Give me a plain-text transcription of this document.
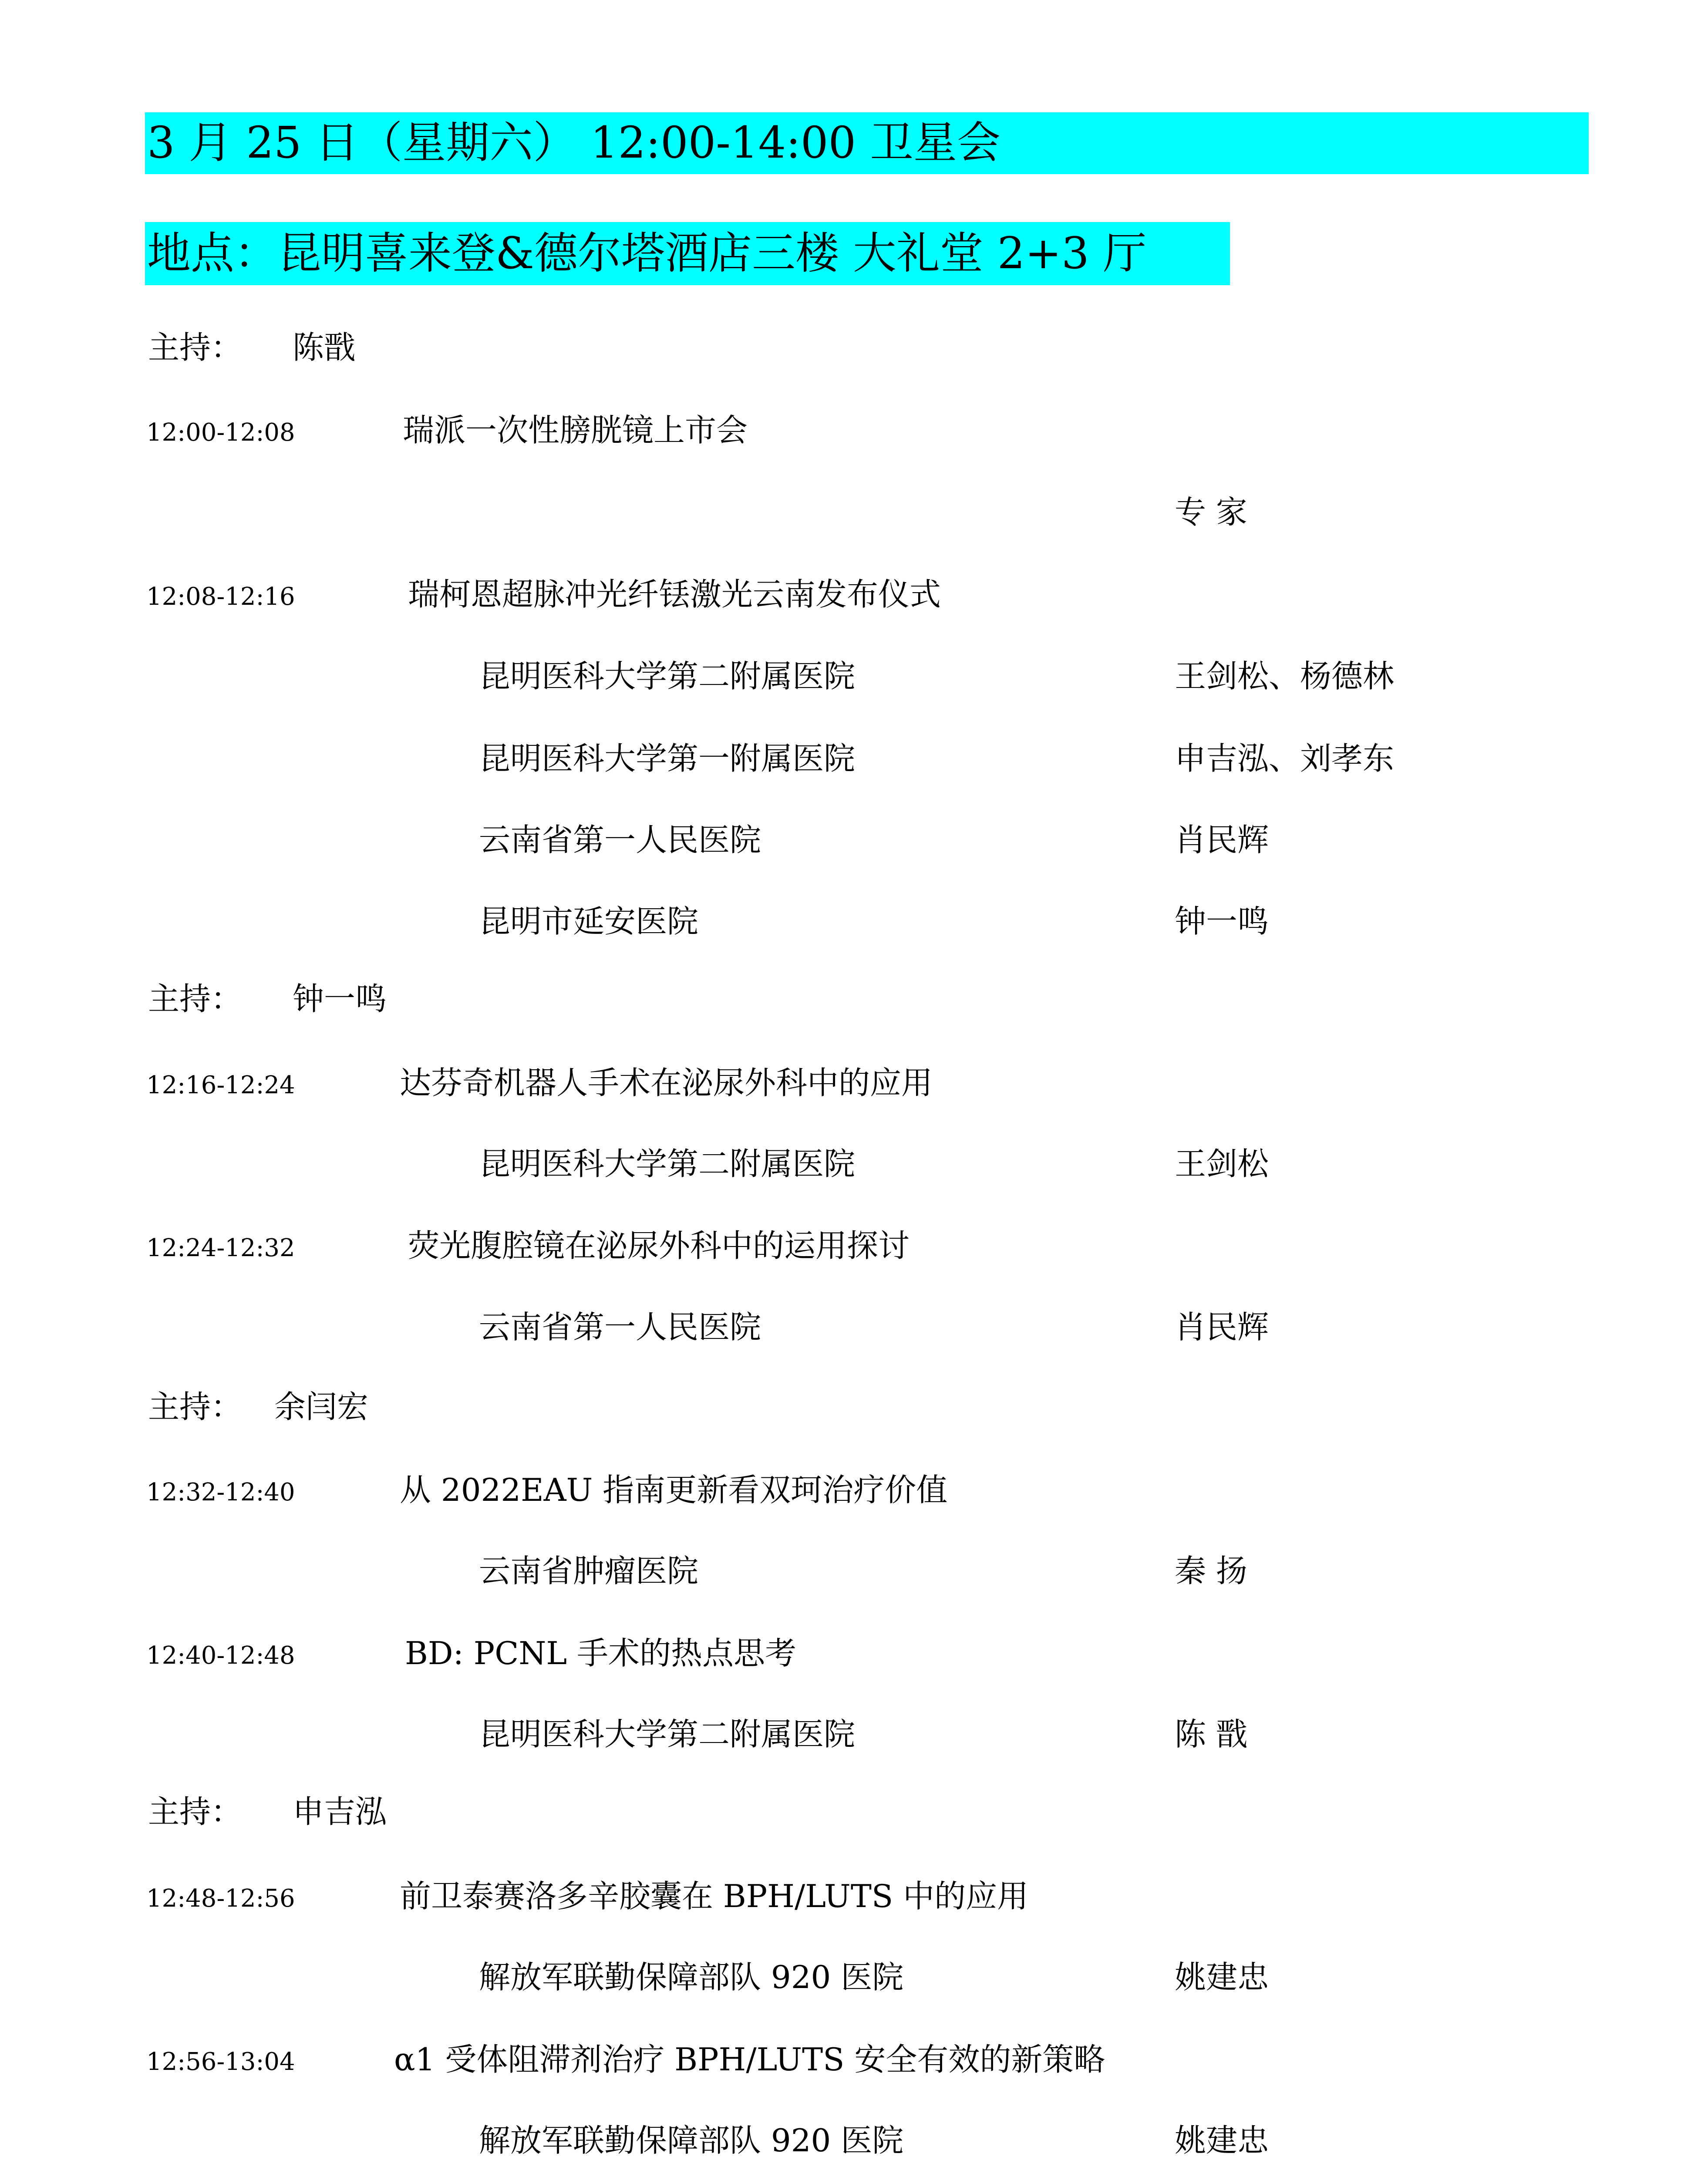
3 月 25 日（星期六） 12:00-14:00 卫星会
地点：昆明喜来登&德尔塔酒店三楼 大礼堂 2+3 厅
主持： 陈戬
12:00-12:08	瑞派一次性膀胱镜上市会
专 家
12:08-12:16	瑞柯恩超脉冲光纤铥激光云南发布仪式
昆明医科大学第二附属医院	王剑松、杨德林
昆明医科大学第一附属医院	申吉泓、刘孝东
云南省第一人民医院	肖民辉
昆明市延安医院	钟一鸣
主持： 钟一鸣
12:16-12:24	达芬奇机器人手术在泌尿外科中的应用
昆明医科大学第二附属医院	王剑松
12:24-12:32	荧光腹腔镜在泌尿外科中的运用探讨
云南省第一人民医院	肖民辉
主持： 余闫宏
12:32-12:40	从 2022EAU 指南更新看双珂治疗价值
云南省肿瘤医院	秦 扬
12:40-12:48	BD: PCNL 手术的热点思考
昆明医科大学第二附属医院	陈 戬
主持： 申吉泓
12:48-12:56	前卫泰赛洛多辛胶囊在 BPH/LUTS 中的应用
解放军联勤保障部队 920 医院	姚建忠
12:56-13:04	α1 受体阻滞剂治疗 BPH/LUTS 安全有效的新策略
解放军联勤保障部队 920 医院	姚建忠
